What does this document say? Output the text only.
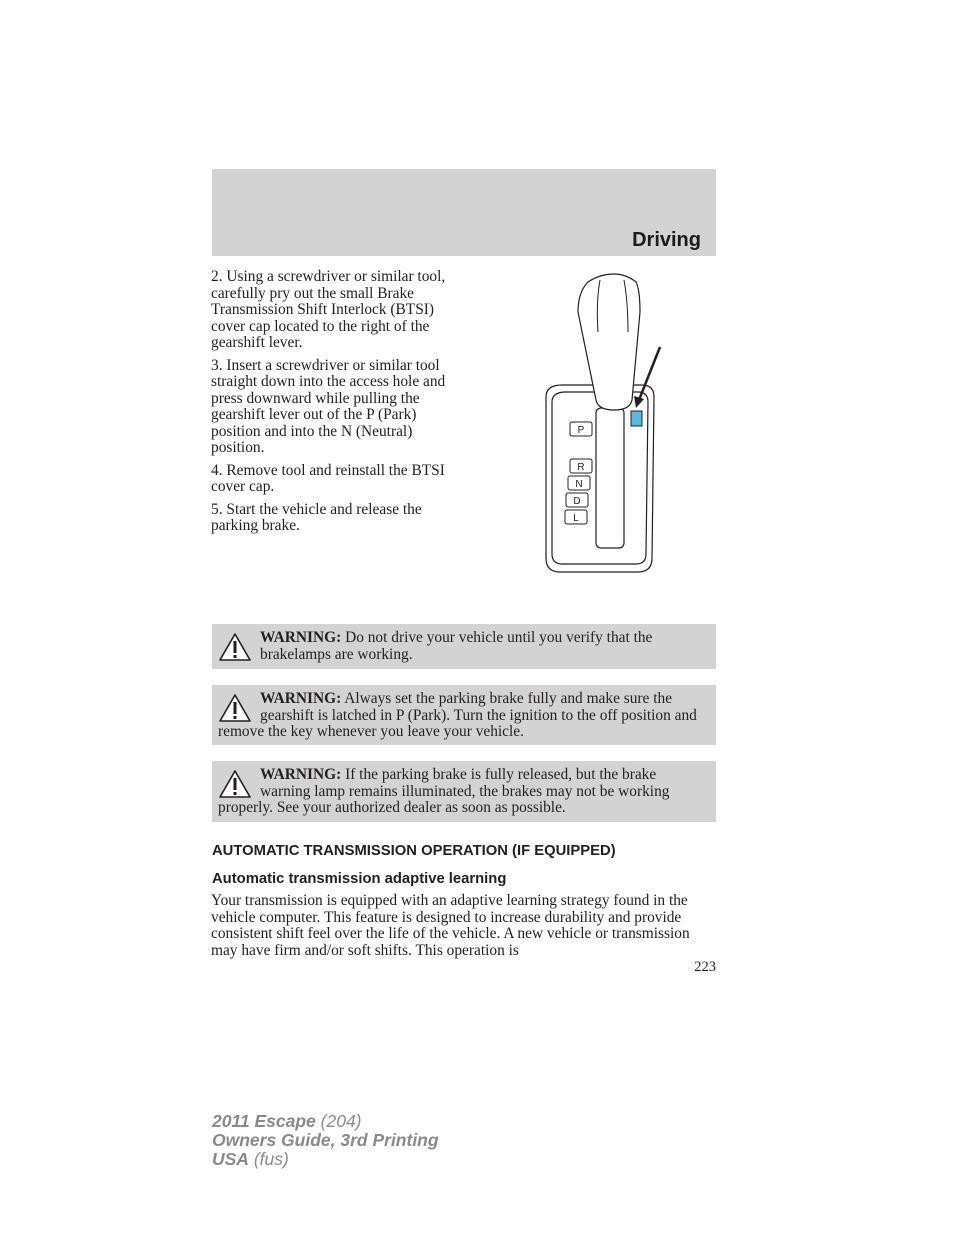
Driving

2. Using a screwdriver or similar tool, carefully pry out the small Brake Transmission Shift Interlock (BTSI) cover cap located to the right of the gearshift lever.

3. Insert a screwdriver or similar tool straight down into the access hole and press downward while pulling the gearshift lever out of the P (Park) position and into the N (Neutral) position.

4. Remove tool and reinstall the BTSI cover cap.

5. Start the vehicle and release the parking brake.

P
R
N
D
L

WARNING: Do not drive your vehicle until you verify that the brakelamps are working.

WARNING: Always set the parking brake fully and make sure the gearshift is latched in P (Park). Turn the ignition to the off position and remove the key whenever you leave your vehicle.

WARNING: If the parking brake is fully released, but the brake warning lamp remains illuminated, the brakes may not be working properly. See your authorized dealer as soon as possible.

AUTOMATIC TRANSMISSION OPERATION (IF EQUIPPED)
Automatic transmission adaptive learning

Your transmission is equipped with an adaptive learning strategy found in the vehicle computer. This feature is designed to increase durability and provide consistent shift feel over the life of the vehicle. A new vehicle or transmission may have firm and/or soft shifts. This operation is

223
2011 Escape (204)
Owners Guide, 3rd Printing
USA (fus)
